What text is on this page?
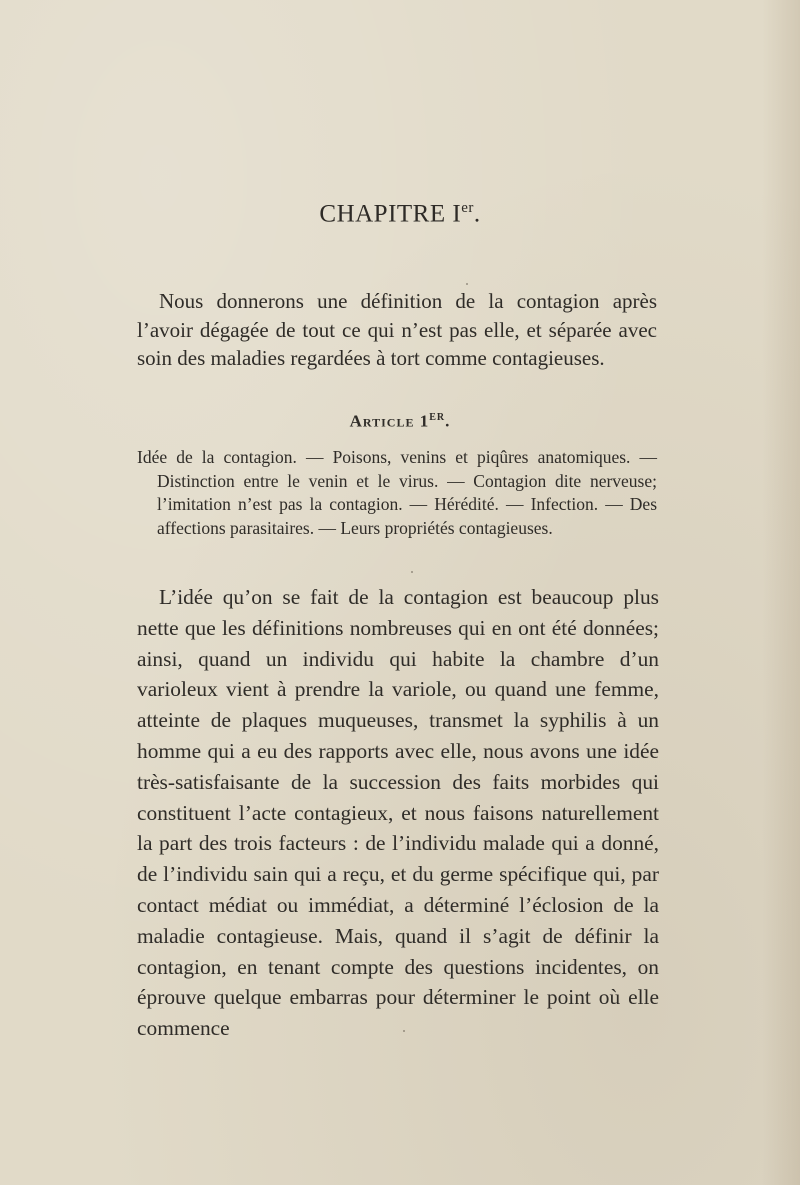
CHAPITRE Ier.

Nous donnerons une définition de la contagion après l’avoir dégagée de tout ce qui n’est pas elle, et séparée avec soin des maladies regardées à tort comme contagieuses.

Article 1er.

Idée de la contagion. — Poisons, venins et piqûres anatomiques. — Distinction entre le venin et le virus. — Contagion dite nerveuse; l’imitation n’est pas la contagion. — Hérédité. — Infection. — Des affections parasitaires. — Leurs propriétés contagieuses.

L’idée qu’on se fait de la contagion est beaucoup plus nette que les définitions nombreuses qui en ont été données; ainsi, quand un individu qui habite la chambre d’un varioleux vient à prendre la variole, ou quand une femme, atteinte de plaques muqueuses, transmet la syphilis à un homme qui a eu des rapports avec elle, nous avons une idée très-satisfaisante de la succession des faits morbides qui constituent l’acte contagieux, et nous faisons naturellement la part des trois facteurs : de l’individu malade qui a donné, de l’individu sain qui a reçu, et du germe spécifique qui, par contact médiat ou immédiat, a déterminé l’éclosion de la maladie contagieuse. Mais, quand il s’agit de définir la contagion, en tenant compte des questions incidentes, on éprouve quelque embarras pour déterminer le point où elle commence
